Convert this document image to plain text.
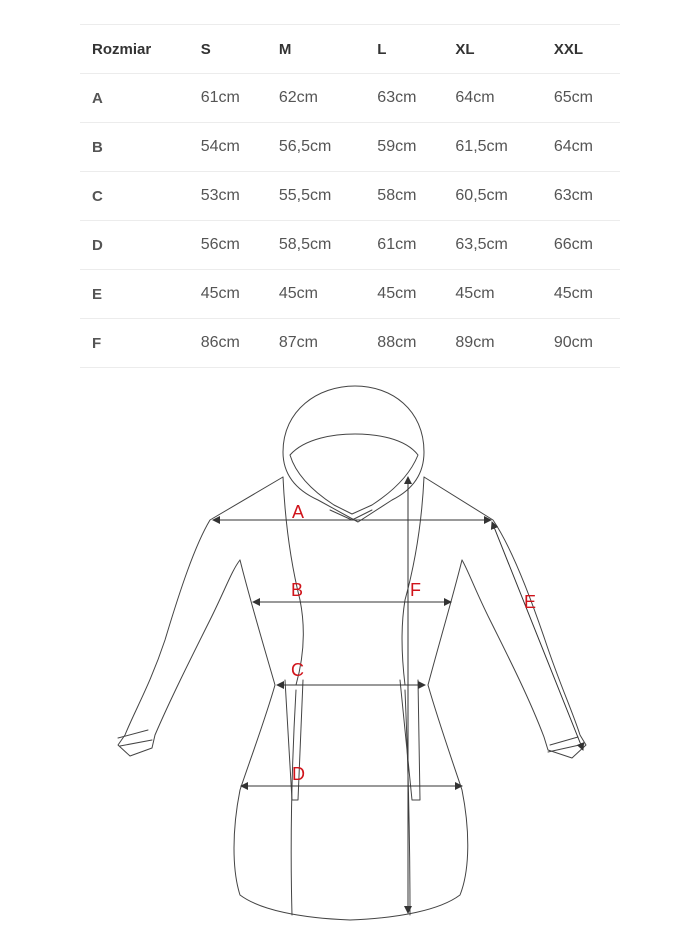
Rozmiar	S	M	L	XL	XXL
A	61cm	62cm	63cm	64cm	65cm
B	54cm	56,5cm	59cm	61,5cm	64cm
C	53cm	55,5cm	58cm	60,5cm	63cm
D	56cm	58,5cm	61cm	63,5cm	66cm
E	45cm	45cm	45cm	45cm	45cm
F	86cm	87cm	88cm	89cm	90cm
A
B
C
D
E
F
